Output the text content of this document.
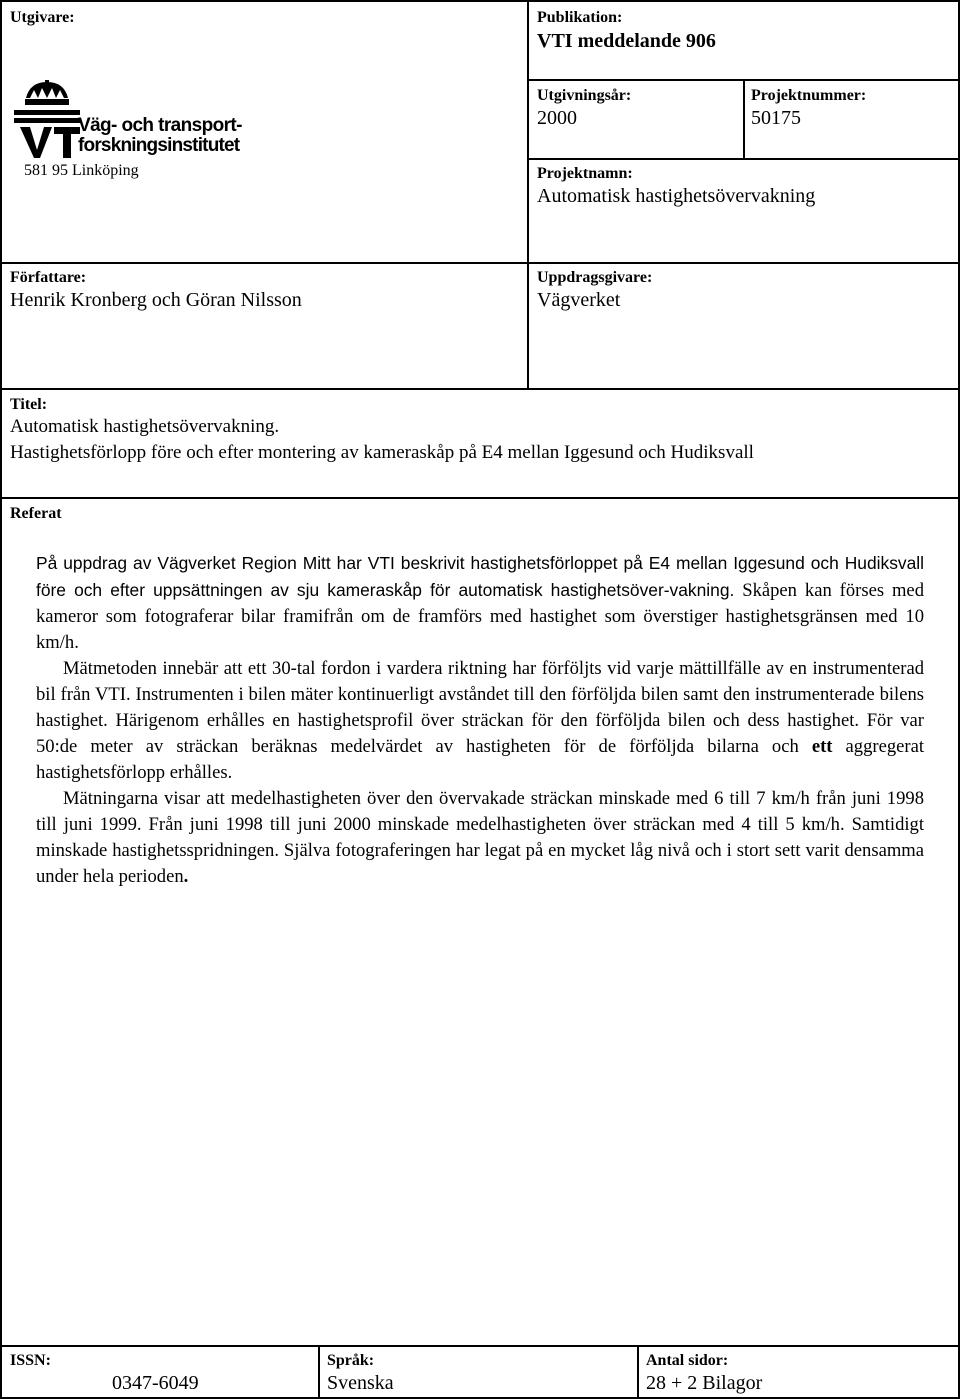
Utgivare:
Väg- och transport-
forskningsinstitutet
581 95 Linköping
Publikation:
VTI meddelande 906
Utgivningsår:
2000
Projektnummer:
50175
Projektnamn:
Automatisk hastighetsövervakning
Författare:
Henrik Kronberg och Göran Nilsson
Uppdragsgivare:
Vägverket
Titel:
Automatisk hastighetsövervakning.
Hastighetsförlopp före och efter montering av kameraskåp på E4 mellan Iggesund och Hudiksvall
Referat

På uppdrag av Vägverket Region Mitt har VTI beskrivit hastighetsförloppet på E4 mellan Iggesund och Hudiksvall före och efter uppsättningen av sju kameraskåp för automatisk hastighetsöver-vakning. Skåpen kan förses med kameror som fotograferar bilar framifrån om de framförs med hastighet som överstiger hastighetsgränsen med 10 km/h.

Mätmetoden innebär att ett 30-tal fordon i vardera riktning har förföljts vid varje mättillfälle av en instrumenterad bil från VTI. Instrumenten i bilen mäter kontinuerligt avståndet till den förföljda bilen samt den instrumenterade bilens hastighet. Härigenom erhålles en hastighetsprofil över sträckan för den förföljda bilen och dess hastighet. För var 50:de meter av sträckan beräknas medelvärdet av hastigheten för de förföljda bilarna och ett aggregerat hastighetsförlopp erhålles.

Mätningarna visar att medelhastigheten över den övervakade sträckan minskade med 6 till 7 km/h från juni 1998 till juni 1999. Från juni 1998 till juni 2000 minskade medelhastigheten över sträckan med 4 till 5 km/h. Samtidigt minskade hastighetsspridningen. Själva fotograferingen har legat på en mycket låg nivå och i stort sett varit densamma under hela perioden.

ISSN:
0347-6049
Språk:
Svenska
Antal sidor:
28 + 2 Bilagor
